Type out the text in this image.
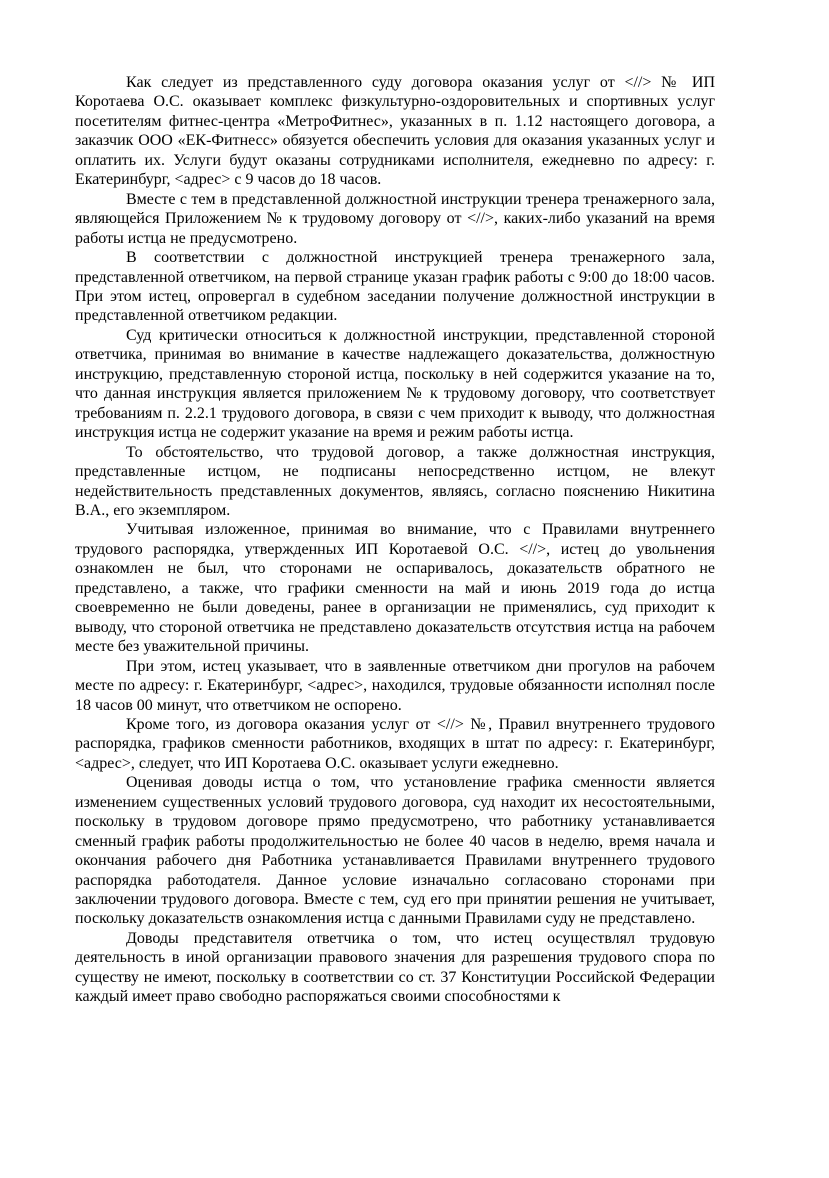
Как следует из представленного суду договора оказания услуг от <//> № ИП Коротаева О.С. оказывает комплекс физкультурно-оздоровительных и спортивных услуг посетителям фитнес-центра «МетроФитнес», указанных в п. 1.12 настоящего договора, а заказчик ООО «ЕК-Фитнесс» обязуется обеспечить условия для оказания указанных услуг и оплатить их. Услуги будут оказаны сотрудниками исполнителя, ежедневно по адресу: г. Екатеринбург, <адрес> с 9 часов до 18 часов.

Вместе с тем в представленной должностной инструкции тренера тренажерного зала, являющейся Приложением № к трудовому договору от <//>, каких-либо указаний на время работы истца не предусмотрено.

В соответствии с должностной инструкцией тренера тренажерного зала, представленной ответчиком, на первой странице указан график работы с 9:00 до 18:00 часов. При этом истец, опровергал в судебном заседании получение должностной инструкции в представленной ответчиком редакции.

Суд критически относиться к должностной инструкции, представленной стороной ответчика, принимая во внимание в качестве надлежащего доказательства, должностную инструкцию, представленную стороной истца, поскольку в ней содержится указание на то, что данная инструкция является приложением № к трудовому договору, что соответствует требованиям п. 2.2.1 трудового договора, в связи с чем приходит к выводу, что должностная инструкция истца не содержит указание на время и режим работы истца.

То обстоятельство, что трудовой договор, а также должностная инструкция, представленные истцом, не подписаны непосредственно истцом, не влекут недействительность представленных документов, являясь, согласно пояснению Никитина В.А., его экземпляром.

Учитывая изложенное, принимая во внимание, что с Правилами внутреннего трудового распорядка, утвержденных ИП Коротаевой О.С. <//>, истец до увольнения ознакомлен не был, что сторонами не оспаривалось, доказательств обратного не представлено, а также, что графики сменности на май и июнь 2019 года до истца своевременно не были доведены, ранее в организации не применялись, суд приходит к выводу, что стороной ответчика не представлено доказательств отсутствия истца на рабочем месте без уважительной причины.

При этом, истец указывает, что в заявленные ответчиком дни прогулов на рабочем месте по адресу: г. Екатеринбург, <адрес>, находился, трудовые обязанности исполнял после 18 часов 00 минут, что ответчиком не оспорено.

Кроме того, из договора оказания услуг от <//> №, Правил внутреннего трудового распорядка, графиков сменности работников, входящих в штат по адресу: г. Екатеринбург, <адрес>, следует, что ИП Коротаева О.С. оказывает услуги ежедневно.

Оценивая доводы истца о том, что установление графика сменности является изменением существенных условий трудового договора, суд находит их несостоятельными, поскольку в трудовом договоре прямо предусмотрено, что работнику устанавливается сменный график работы продолжительностью не более 40 часов в неделю, время начала и окончания рабочего дня Работника устанавливается Правилами внутреннего трудового распорядка работодателя. Данное условие изначально согласовано сторонами при заключении трудового договора. Вместе с тем, суд его при принятии решения не учитывает, поскольку доказательств ознакомления истца с данными Правилами суду не представлено.

Доводы представителя ответчика о том, что истец осуществлял трудовую деятельность в иной организации правового значения для разрешения трудового спора по существу не имеют, поскольку в соответствии со ст. 37 Конституции Российской Федерации каждый имеет право свободно распоряжаться своими способностями к
